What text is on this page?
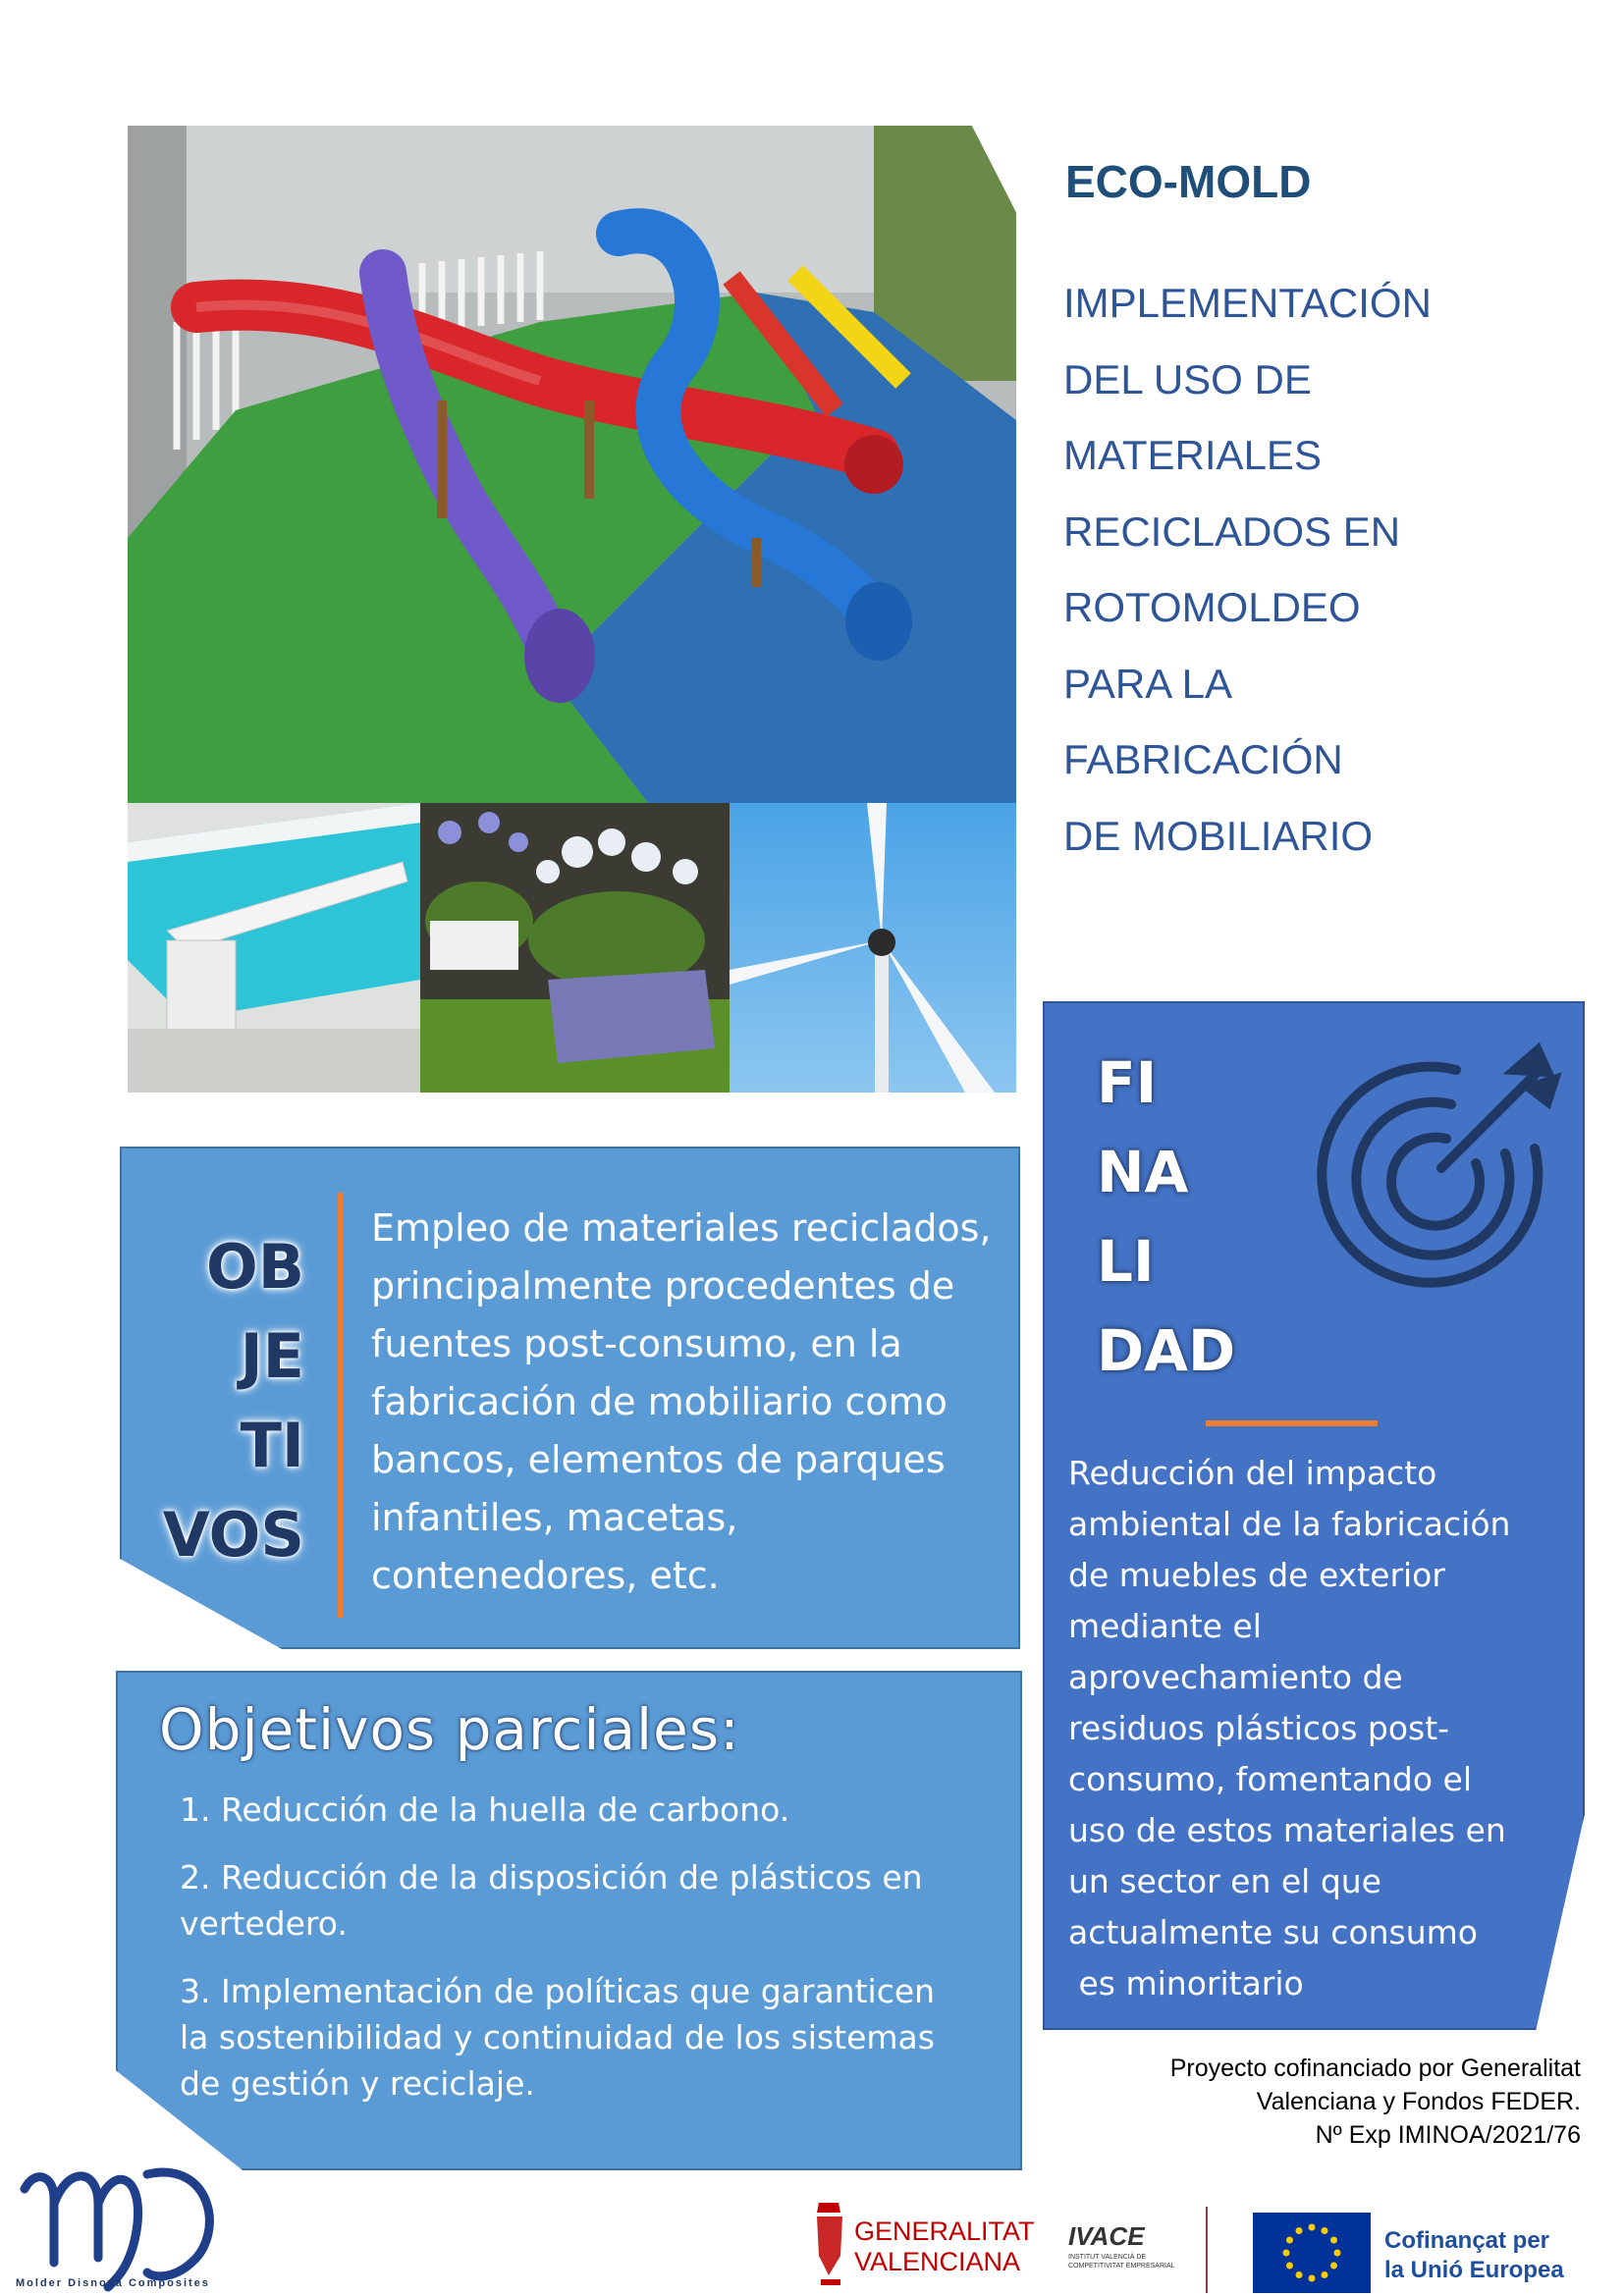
ECO-MOLD
IMPLEMENTACIÓN
DEL USO DE
MATERIALES
RECICLADOS EN
ROTOMOLDEO
PARA LA
FABRICACIÓN
DE MOBILIARIO
OB
JE
TI
VOS
Empleo de materiales reciclados, principalmente procedentes de fuentes post-consumo, en la fabricación de mobiliario como bancos, elementos de parques infantiles, macetas, contenedores, etc.
Objetivos parciales:

1. Reducción de la huella de carbono.

2. Reducción de la disposición de plásticos en vertedero.

3. Implementación de políticas que garanticen la sostenibilidad y continuidad de los sistemas de gestión y reciclaje.

FI
NA
LI
DAD
Reducción del impacto
ambiental de la fabricación
de muebles de exterior
mediante el
aprovechamiento de
residuos plásticos post-
consumo, fomentando el
uso de estos materiales en
un sector en el que
actualmente su consumo
es minoritario
Proyecto cofinanciado por Generalitat
Valenciana y Fondos FEDER.
Nº Exp IMINOA/2021/76
Molder Disnova Composites
GENERALITAT
VALENCIANA
IVACE
INSTITUT VALENCIÀ DE COMPETITIVITAT EMPRESARIAL
Cofinançat per
la Unió Europea
